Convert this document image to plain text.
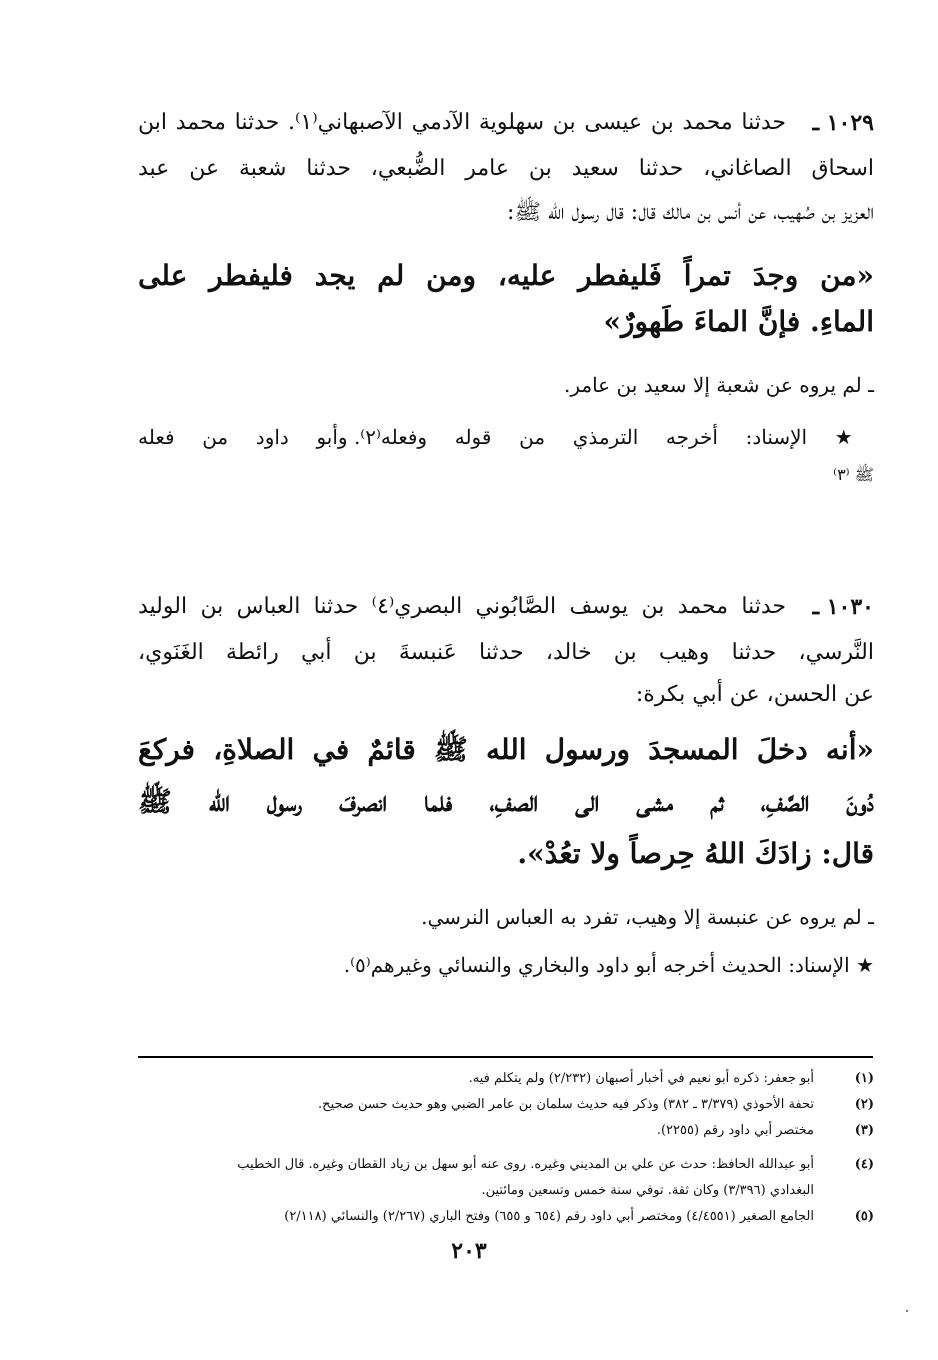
١٠٢٩ ـ
حدثنا محمد بن عيسى بن سهلوية الآدمي الآصبهاني⁽١⁾. حدثنا محمد ابن
اسحاق الصاغاني، حدثنا سعيد بن عامر الضُّبعي، حدثنا شعبة عن عبد
العزيز بن صُهيب، عن أنس بن مالك قال: قال رسول الله ﷺ:
«من وجدَ تمراً فَليفطر عليه، ومن لم يجد فليفطر على
الماءِ. فإنَّ الماءَ طَهورٌ»
ـ لم يروه عن شعبة إلا سعيد بن عامر.
★ الإسناد: أخرجه الترمذي من قوله وفعله⁽٢⁾. وأبو داود من فعله
ﷺ ⁽٣⁾
١٠٣٠ ـ
حدثنا محمد بن يوسف الصَّابُوني البصري⁽٤⁾ حدثنا العباس بن الوليد
النَّرسي، حدثنا وهيب بن خالد، حدثنا عَنبسةَ بن أبي رائطة الغَنَوي،
عن الحسن، عن أبي بكرة:
«أنه دخلَ المسجدَ ورسول الله ﷺ قائمٌ في الصلاةِ، فركعَ
دُونَ الصَّفِ، ثم مشى الى الصفِ، فلما انصرفَ رسول الله ﷺ
قال: زادَكَ اللهُ حِرصاً ولا تعُدْ».
ـ لم يروه عن عنبسة إلا وهيب، تفرد به العباس النرسي.
★ الإسناد: الحديث أخرجه أبو داود والبخاري والنسائي وغيرهم⁽٥⁾.
(١)
أبو جعفر: ذكره أبو نعيم في أخبار أصبهان (٢/٢٣٢) ولم يتكلم فيه.
(٢)
تحفة الأحوذي (٣/٣٧٩ ـ ٣٨٢) وذكر فيه حديث سلمان بن عامر الضبي وهو حديث حسن صحيح.
(٣)
مختصر أبي داود رقم (٢٢٥٥).
(٤)
أبو عبدالله الحافظ: حدث عن علي بن المديني وغيره. روى عنه أبو سهل بن زياد القطان وغيره. قال الخطيب
البغدادي (٣/٣٩٦) وكان ثقة. توفي سنة خمس وتسعين ومائتين.
(٥)
الجامع الصغير (٤/٤٥٥١) ومختصر أبي داود رقم (٦٥٤ و ٦٥٥) وفتح الباري (٢/٢٦٧) والنسائي (٢/١١٨)
٢٠٣
